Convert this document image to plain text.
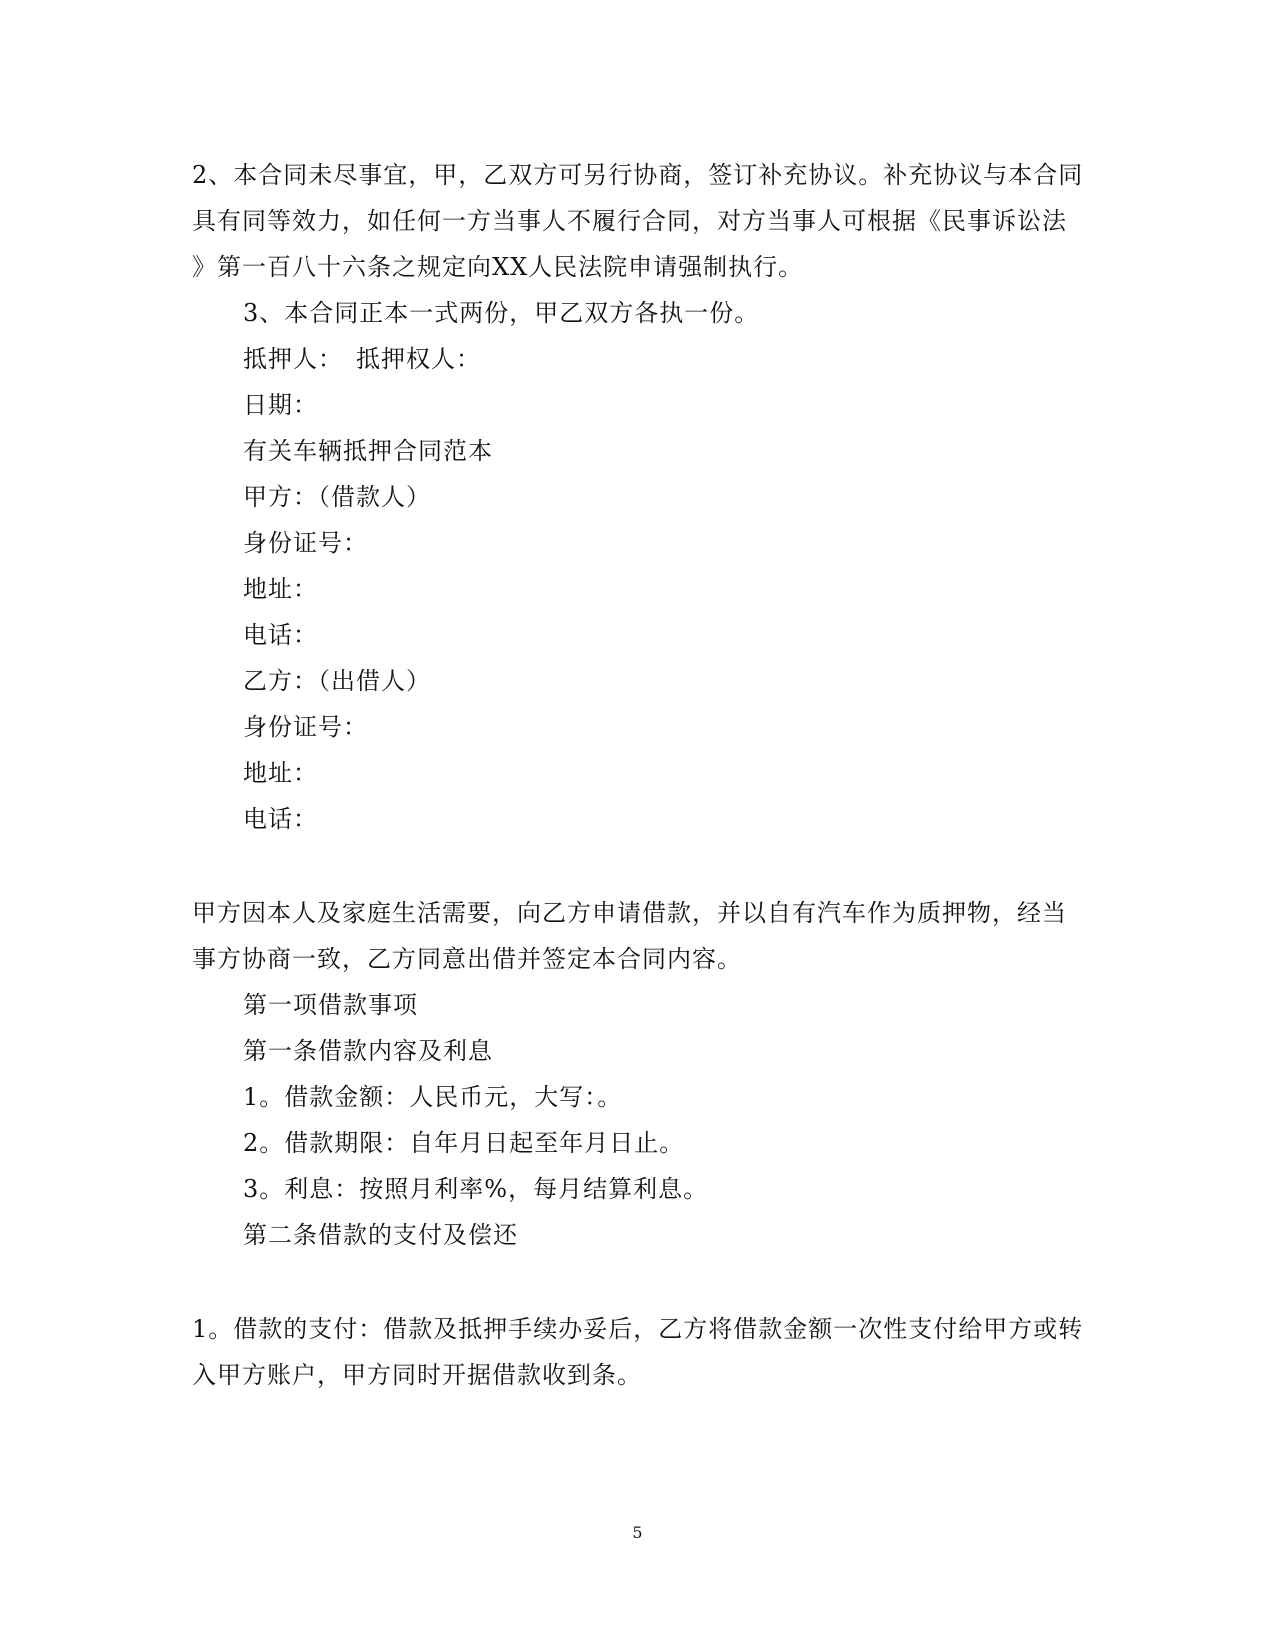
2、本合同未尽事宜，甲，乙双方可另行协商，签订补充协议。补充协议与本合同
具有同等效力，如任何一方当事人不履行合同，对方当事人可根据《民事诉讼法
》第一百八十六条之规定向XX人民法院申请强制执行。
3、本合同正本一式两份，甲乙双方各执一份。
抵押人：　抵押权人：
日期：
有关车辆抵押合同范本
甲方：（借款人）
身份证号：
地址：
电话：
乙方：（出借人）
身份证号：
地址：
电话：
甲方因本人及家庭生活需要，向乙方申请借款，并以自有汽车作为质押物，经当
事方协商一致，乙方同意出借并签定本合同内容。
第一项借款事项
第一条借款内容及利息
1。借款金额：人民币元，大写：。
2。借款期限：自年月日起至年月日止。
3。利息：按照月利率%，每月结算利息。
第二条借款的支付及偿还
1。借款的支付：借款及抵押手续办妥后，乙方将借款金额一次性支付给甲方或转
入甲方账户，甲方同时开据借款收到条。
5
